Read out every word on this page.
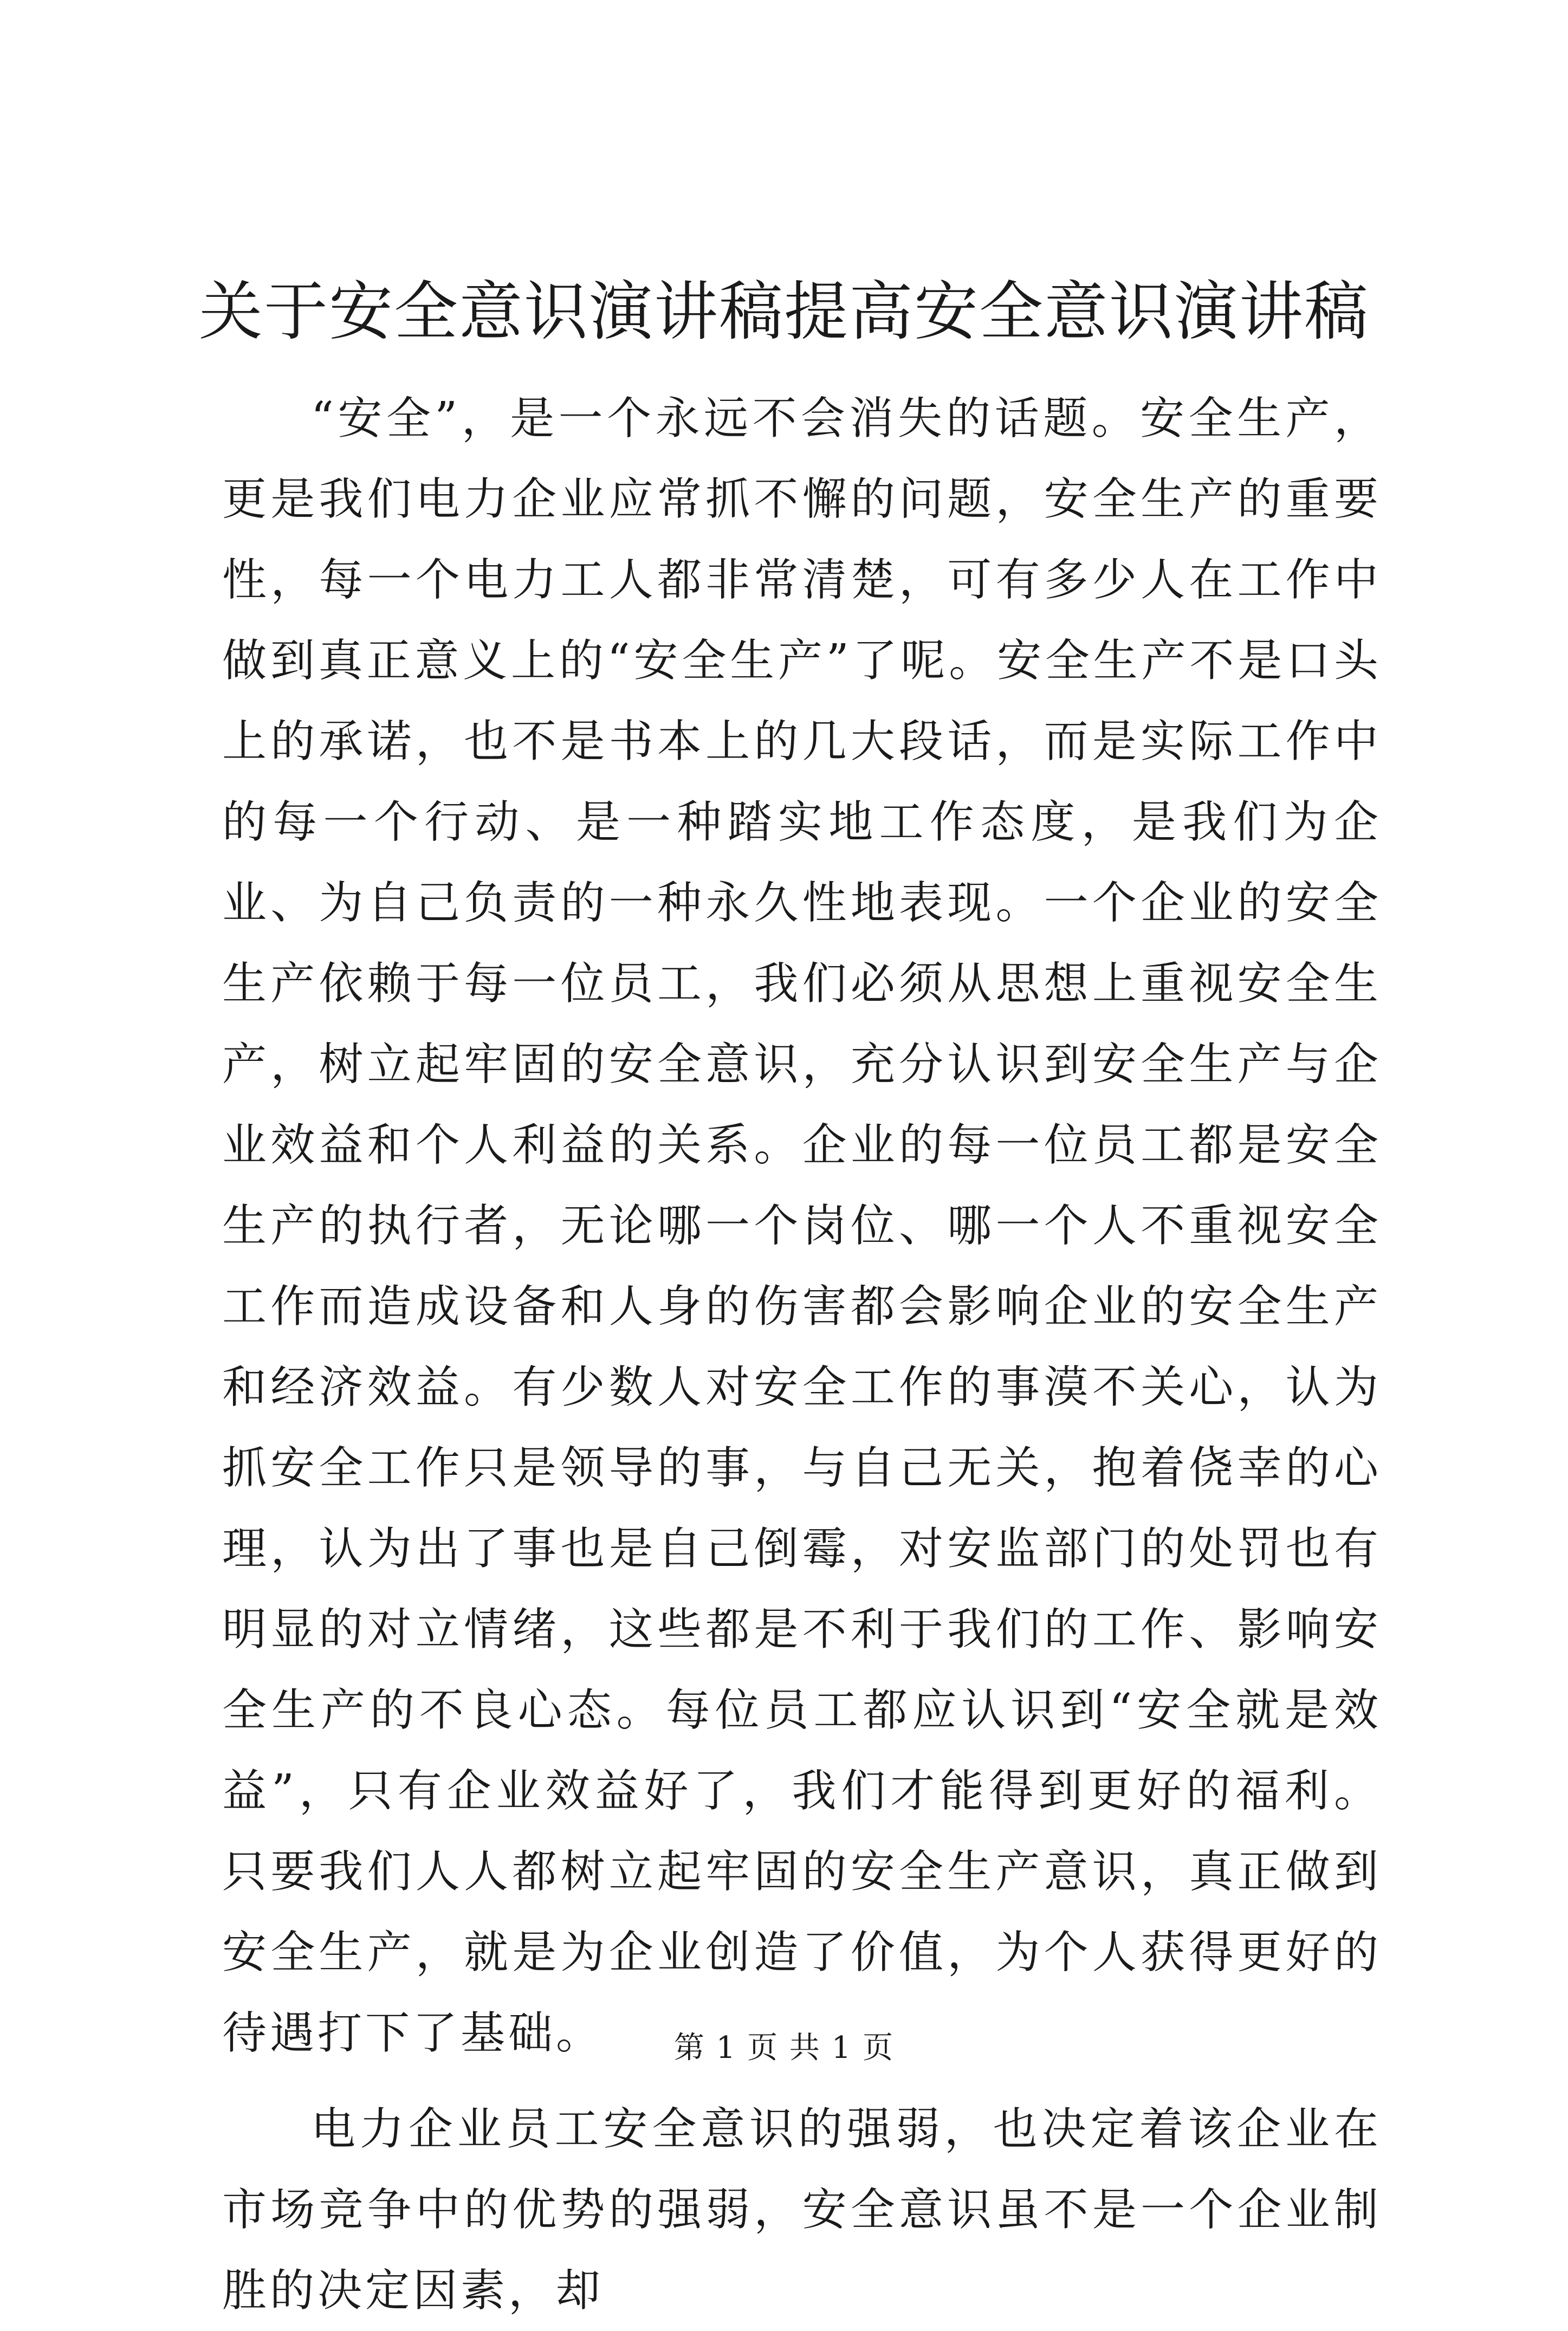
关于安全意识演讲稿提高安全意识演讲稿

“安全”，是一个永远不会消失的话题。安全生产，更是我们电力企业应常抓不懈的问题，安全生产的重要性，每一个电力工人都非常清楚，可有多少人在工作中做到真正意义上的“安全生产”了呢。安全生产不是口头上的承诺，也不是书本上的几大段话，而是实际工作中的每一个行动、是一种踏实地工作态度，是我们为企业、为自己负责的一种永久性地表现。一个企业的安全生产依赖于每一位员工，我们必须从思想上重视安全生产，树立起牢固的安全意识，充分认识到安全生产与企业效益和个人利益的关系。企业的每一位员工都是安全生产的执行者，无论哪一个岗位、哪一个人不重视安全工作而造成设备和人身的伤害都会影响企业的安全生产和经济效益。有少数人对安全工作的事漠不关心，认为抓安全工作只是领导的事，与自己无关，抱着侥幸的心理，认为出了事也是自己倒霉，对安监部门的处罚也有明显的对立情绪，这些都是不利于我们的工作、影响安全生产的不良心态。每位员工都应认识到“安全就是效益”，只有企业效益好了，我们才能得到更好的福利。只要我们人人都树立起牢固的安全生产意识，真正做到安全生产，就是为企业创造了价值，为个人获得更好的待遇打下了基础。

电力企业员工安全意识的强弱，也决定着该企业在市场竞争中的优势的强弱，安全意识虽不是一个企业制胜的决定因素，却

第 1 页 共 1 页
